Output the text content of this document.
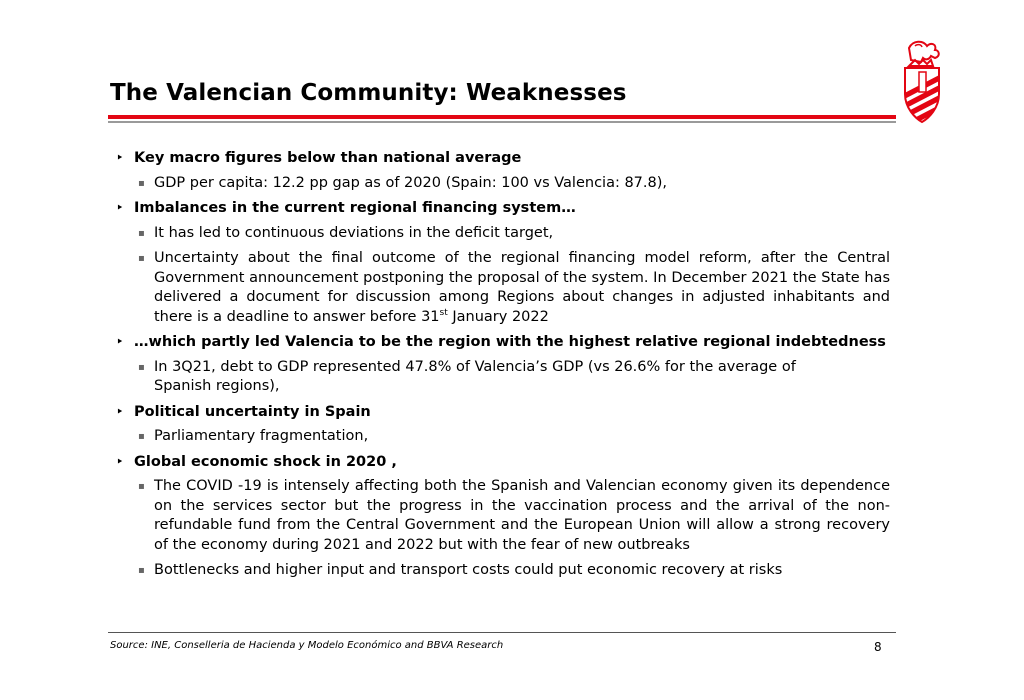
The Valencian Community: Weaknesses
‣ Key macro figures below than national average
▪ GDP per capita: 12.2 pp gap as of 2020 (Spain: 100 vs Valencia: 87.8),
‣ Imbalances in the current regional financing system…
▪ It has led to continuous deviations in the deficit target,
▪ Uncertainty about the final outcome of the regional financing model reform, after the Central Government announcement postponing the proposal of the system. In December 2021 the State has delivered a document for discussion among Regions about changes in adjusted inhabitants and there is a deadline to answer before 31st January 2022
‣ …which partly led Valencia to be the region with the highest relative regional indebtedness
▪ In 3Q21, debt to GDP represented 47.8% of Valencia’s GDP (vs 26.6% for the average of Spanish regions),
‣ Political uncertainty in Spain
▪ Parliamentary fragmentation,
‣ Global economic shock in 2020 ,
▪ The COVID -19 is intensely affecting both the Spanish and Valencian economy given its dependence on the services sector but the progress in the vaccination process and the arrival of the non-refundable fund from the Central Government and the European Union will allow a strong recovery of the economy during 2021 and 2022 but with the fear of new outbreaks
▪ Bottlenecks and higher input and transport costs could put economic recovery at risks
Source: INE, Conselleria de Hacienda y Modelo Económico and BBVA Research	8
